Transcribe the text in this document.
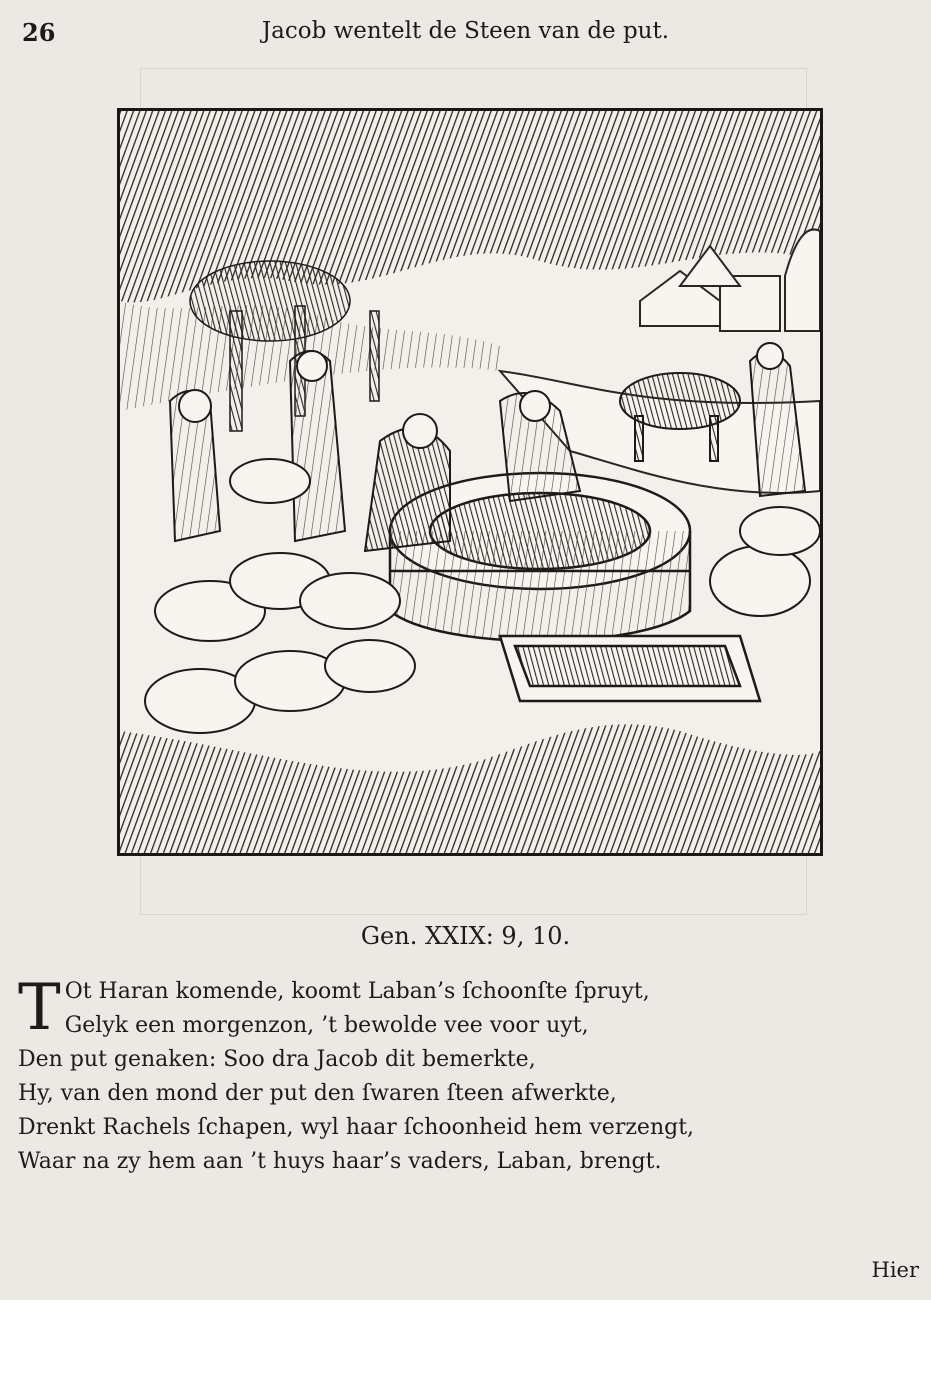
26	Jacob wentelt de Steen van de put.
Gen. XXIX: 9, 10.
T Ot Haran komende, koomt Laban’s ſchoonſte ſpruyt,
Gelyk een morgenzon, ’t bewolde vee voor uyt,
Den put genaken: Soo dra Jacob dit bemerkte,
Hy, van den mond der put den ſwaren ſteen afwerkte,
Drenkt Rachels ſchapen, wyl haar ſchoonheid hem verzengt,
Waar na zy hem aan ’t huys haar’s vaders, Laban, brengt.
Hier
